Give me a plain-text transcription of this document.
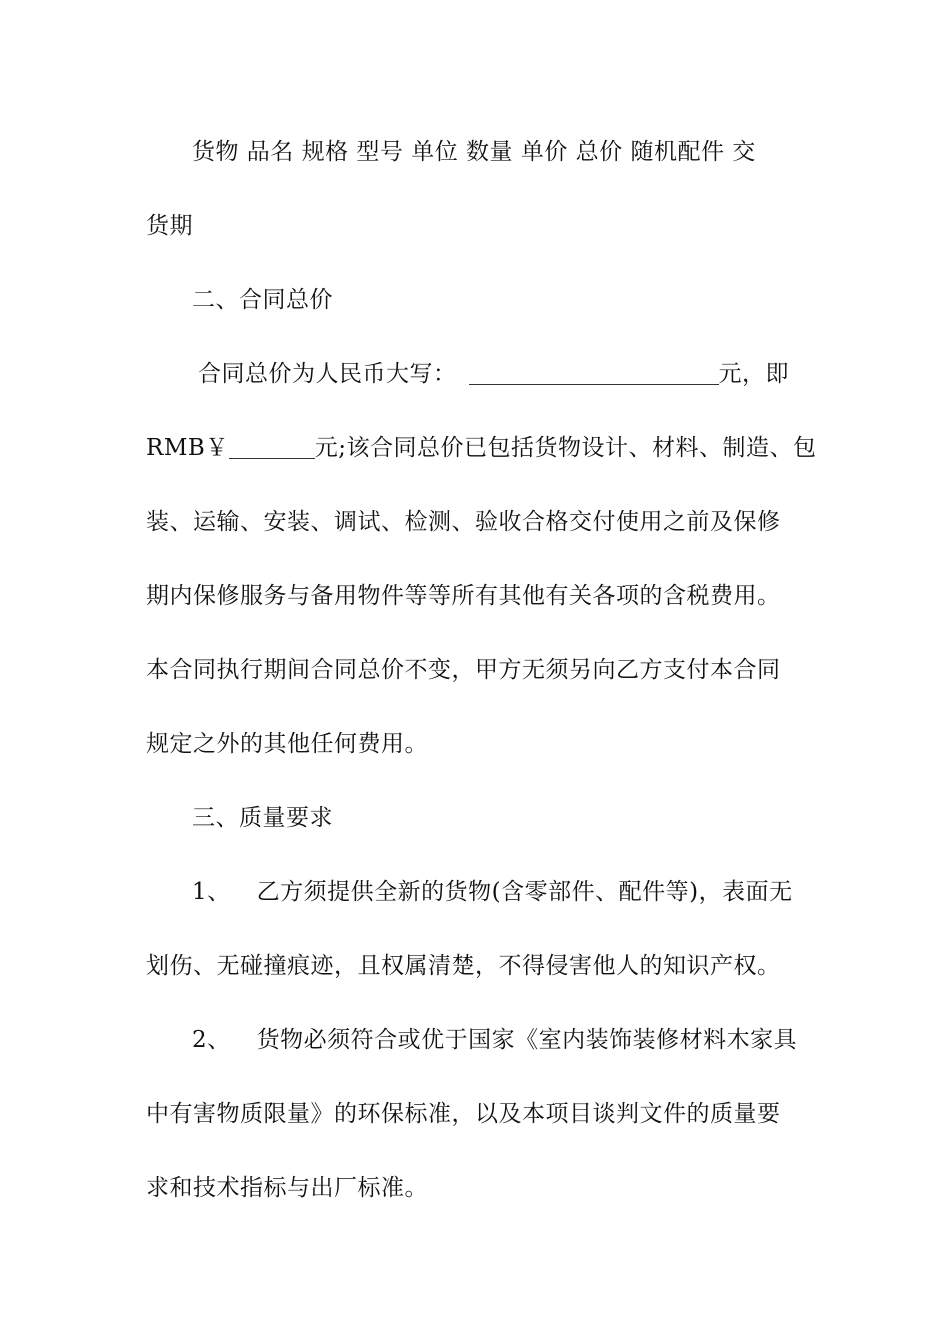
货物 品名 规格 型号 单位 数量 单价 总价 随机配件 交
货期
二、合同总价
合同总价为人民币大写：	元，即
RMB￥	元;该合同总价已包括货物设计、材料、制造、包
装、运输、安装、调试、检测、验收合格交付使用之前及保修
期内保修服务与备用物件等等所有其他有关各项的含税费用。
本合同执行期间合同总价不变，甲方无须另向乙方支付本合同
规定之外的其他任何费用。
三、质量要求
1、 乙方须提供全新的货物(含零部件、配件等)，表面无
划伤、无碰撞痕迹，且权属清楚，不得侵害他人的知识产权。
2、 货物必须符合或优于国家《室内装饰装修材料木家具
中有害物质限量》的环保标准，以及本项目谈判文件的质量要
求和技术指标与出厂标准。
